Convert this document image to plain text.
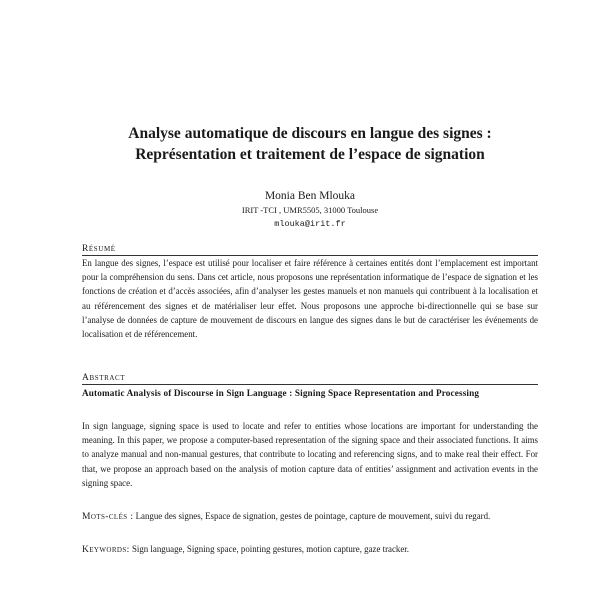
Analyse automatique de discours en langue des signes :
Représentation et traitement de l’espace de signation
Monia Ben Mlouka
IRIT -TCI , UMR5505, 31000 Toulouse
mlouka@irit.fr
Résumé

En langue des signes, l’espace est utilisé pour localiser et faire référence à certaines entités dont l’emplacement est important pour la compréhension du sens. Dans cet article, nous proposons une représentation informatique de l’espace de signation et les fonctions de création et d’accès associées, afin d’analyser les gestes manuels et non manuels qui contribuent à la localisation et au référencement des signes et de matérialiser leur effet. Nous proposons une approche bi-directionnelle qui se base sur l’analyse de données de capture de mouvement de discours en langue des signes dans le but de caractériser les événements de localisation et de référencement.

Abstract

Automatic Analysis of Discourse in Sign Language : Signing Space Representation and Processing

In sign language, signing space is used to locate and refer to entities whose locations are important for understanding the meaning. In this paper, we propose a computer-based representation of the signing space and their associated functions. It aims to analyze manual and non-manual gestures, that contribute to locating and referencing signs, and to make real their effect. For that, we propose an approach based on the analysis of motion capture data of entities’ assignment and activation events in the signing space.

Mots-clés : Langue des signes, Espace de signation, gestes de pointage, capture de mouvement, suivi du regard.

Keywords: Sign language, Signing space, pointing gestures, motion capture, gaze tracker.
